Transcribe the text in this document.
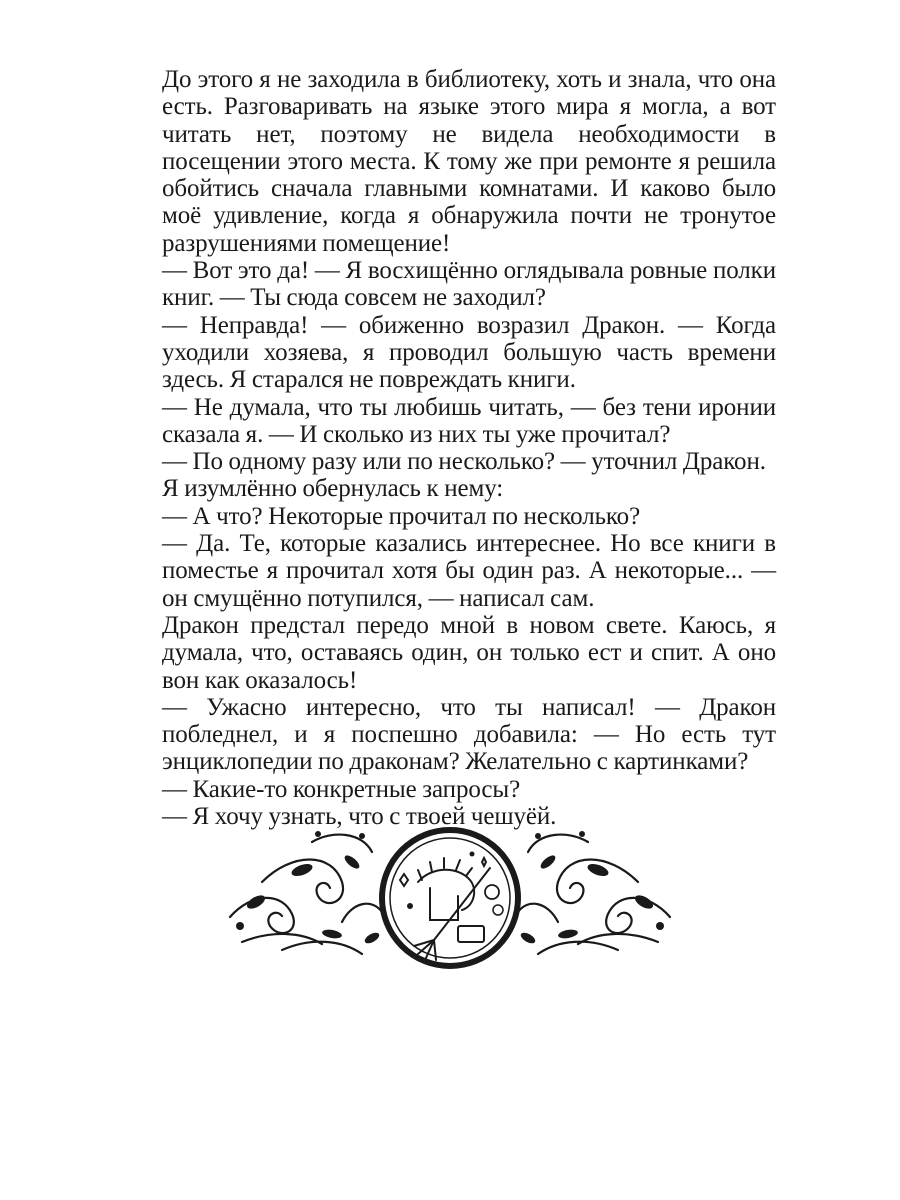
До этого я не заходила в библиотеку, хоть и знала, что она есть. Разговаривать на языке этого мира я могла, а вот читать нет, поэтому не видела необходимости в посещении этого места. К тому же при ремонте я решила обойтись сначала главными комнатами. И каково было моё удивление, когда я обнаружила почти не тронутое разрушениями помещение!

— Вот это да! — Я восхищённо оглядывала ровные полки книг. — Ты сюда совсем не заходил?

— Неправда! — обиженно возразил Дракон. — Когда уходили хозяева, я проводил большую часть времени здесь. Я старался не повреждать книги.

— Не думала, что ты любишь читать, — без тени иронии сказала я. — И сколько из них ты уже прочитал?

— По одному разу или по несколько? — уточнил Дракон.

Я изумлённо обернулась к нему:

— А что? Некоторые прочитал по несколько?

— Да. Те, которые казались интереснее. Но все книги в поместье я прочитал хотя бы один раз. А некоторые... — он смущённо потупился, — написал сам.

Дракон предстал передо мной в новом свете. Каюсь, я думала, что, оставаясь один, он только ест и спит. А оно вон как оказалось!

— Ужасно интересно, что ты написал! — Дракон побледнел, и я поспешно добавила: — Но есть тут энциклопедии по драконам? Желательно с картинками?

— Какие-то конкретные запросы?

— Я хочу узнать, что с твоей чешуёй.
